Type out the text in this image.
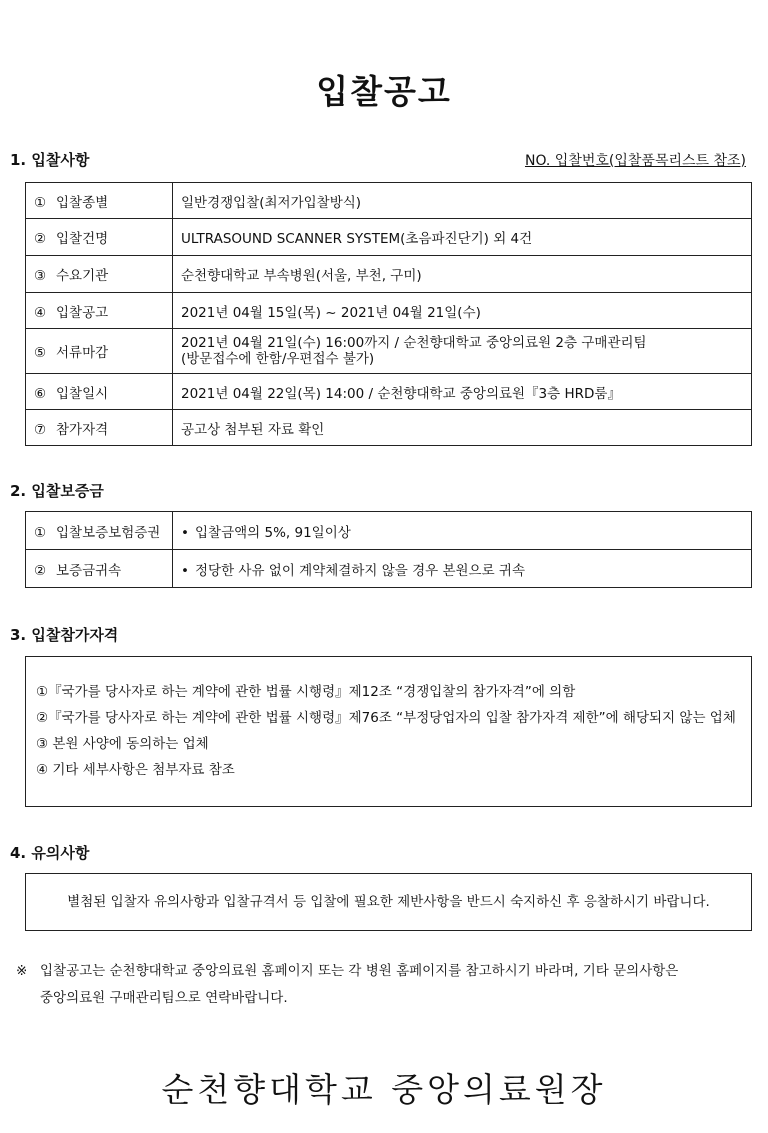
입찰공고
1. 입찰사항	NO. 입찰번호(입찰품목리스트 참조)
① 입찰종별	일반경쟁입찰(최저가입찰방식)
② 입찰건명	ULTRASOUND SCANNER SYSTEM(초음파진단기) 외 4건
③ 수요기관	순천향대학교 부속병원(서울, 부천, 구미)
④ 입찰공고	2021년 04월 15일(목) ~ 2021년 04월 21일(수)
⑤ 서류마감	2021년 04월 21일(수) 16:00까지 / 순천향대학교 중앙의료원 2층 구매관리팀
(방문접수에 한함/우편접수 불가)

⑥ 입찰일시	2021년 04월 22일(목) 14:00 / 순천향대학교 중앙의료원『3층 HRD룸』
⑦ 참가자격	공고상 첨부된 자료 확인
2. 입찰보증금
① 입찰보증보험증권	• 입찰금액의 5%, 91일이상
② 보증금귀속	• 정당한 사유 없이 계약체결하지 않을 경우 본원으로 귀속
3. 입찰참가자격
①『국가를 당사자로 하는 계약에 관한 법률 시행령』제12조 “경쟁입찰의 참가자격”에 의함
②『국가를 당사자로 하는 계약에 관한 법률 시행령』제76조 “부정당업자의 입찰 참가자격 제한”에 해당되지 않는 업체
③ 본원 사양에 동의하는 업체
④ 기타 세부사항은 첨부자료 참조
4. 유의사항
별첨된 입찰자 유의사항과 입찰규격서 등 입찰에 필요한 제반사항을 반드시 숙지하신 후 응찰하시기 바랍니다.
※ 입찰공고는 순천향대학교 중앙의료원 홈페이지 또는 각 병원 홈페이지를 참고하시기 바라며, 기타 문의사항은
중앙의료원 구매관리팀으로 연락바랍니다.
순천향대학교 중앙의료원장
